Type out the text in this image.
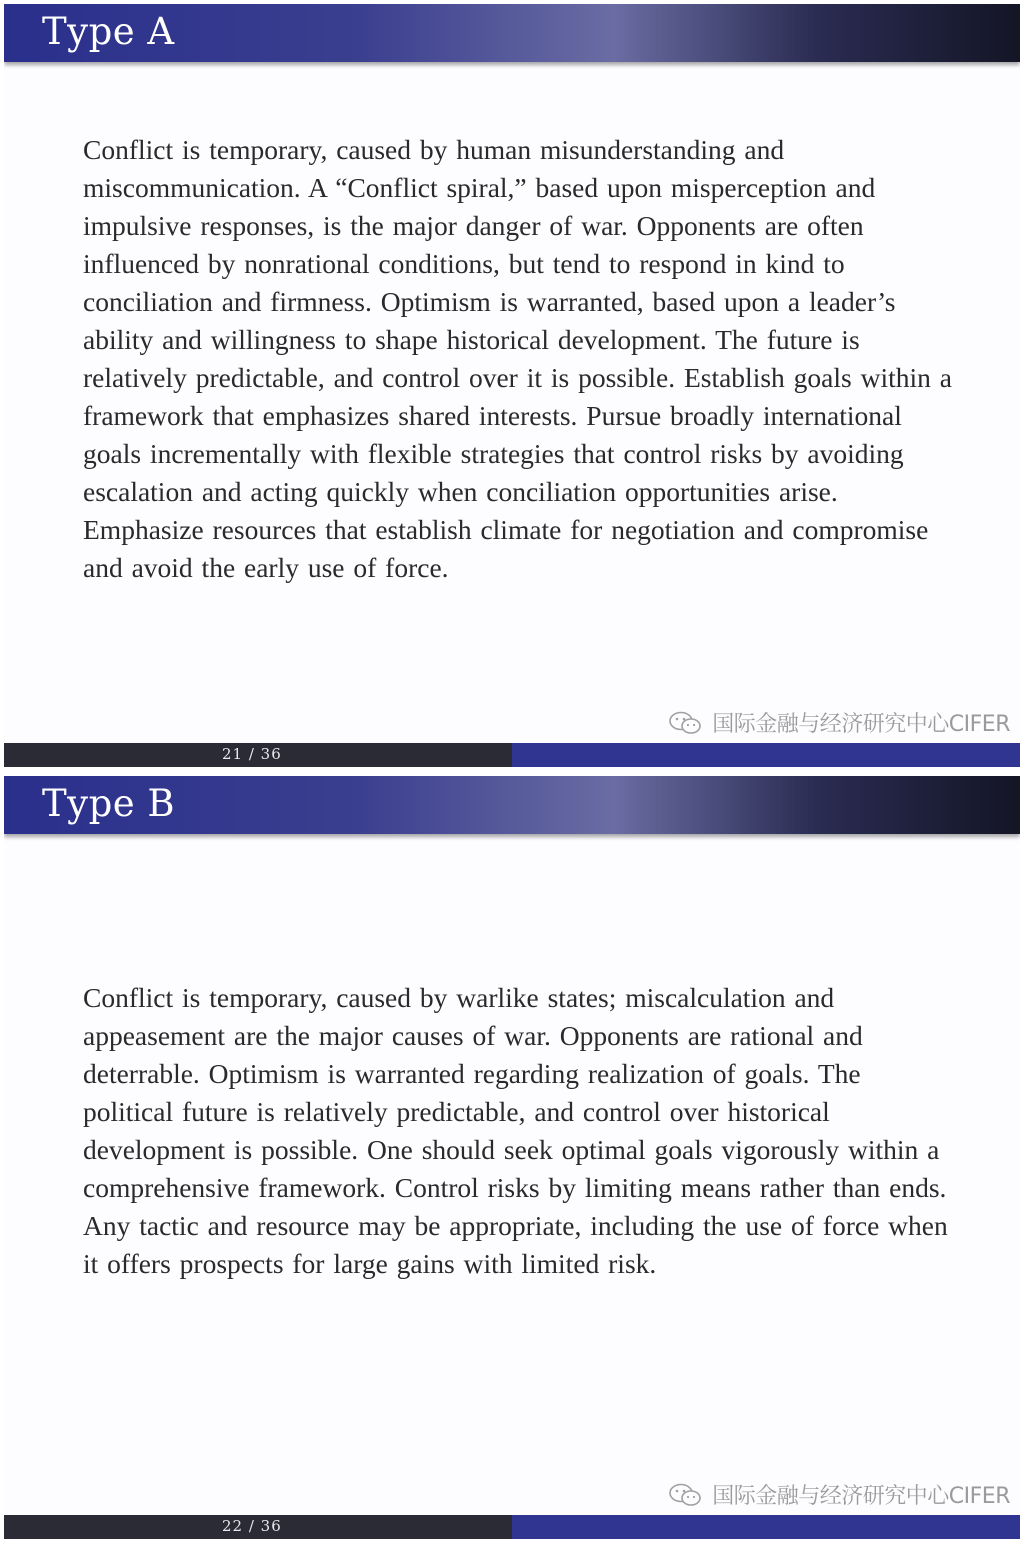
Type A

Conflict is temporary, caused by human misunderstanding and miscommunication. A “Conflict spiral,” based upon misperception and impulsive responses, is the major danger of war. Opponents are often influenced by nonrational conditions, but tend to respond in kind to conciliation and firmness. Optimism is warranted, based upon a leader’s ability and willingness to shape historical development. The future is relatively predictable, and control over it is possible. Establish goals within a framework that emphasizes shared interests. Pursue broadly international goals incrementally with flexible strategies that control risks by avoiding escalation and acting quickly when conciliation opportunities arise. Emphasize resources that establish climate for negotiation and compromise and avoid the early use of force.

国际金融与经济研究中心CIFER
21 / 36
Type B

Conflict is temporary, caused by warlike states; miscalculation and appeasement are the major causes of war. Opponents are rational and deterrable. Optimism is warranted regarding realization of goals. The political future is relatively predictable, and control over historical development is possible. One should seek optimal goals vigorously within a comprehensive framework. Control risks by limiting means rather than ends. Any tactic and resource may be appropriate, including the use of force when it offers prospects for large gains with limited risk.

国际金融与经济研究中心CIFER
22 / 36
